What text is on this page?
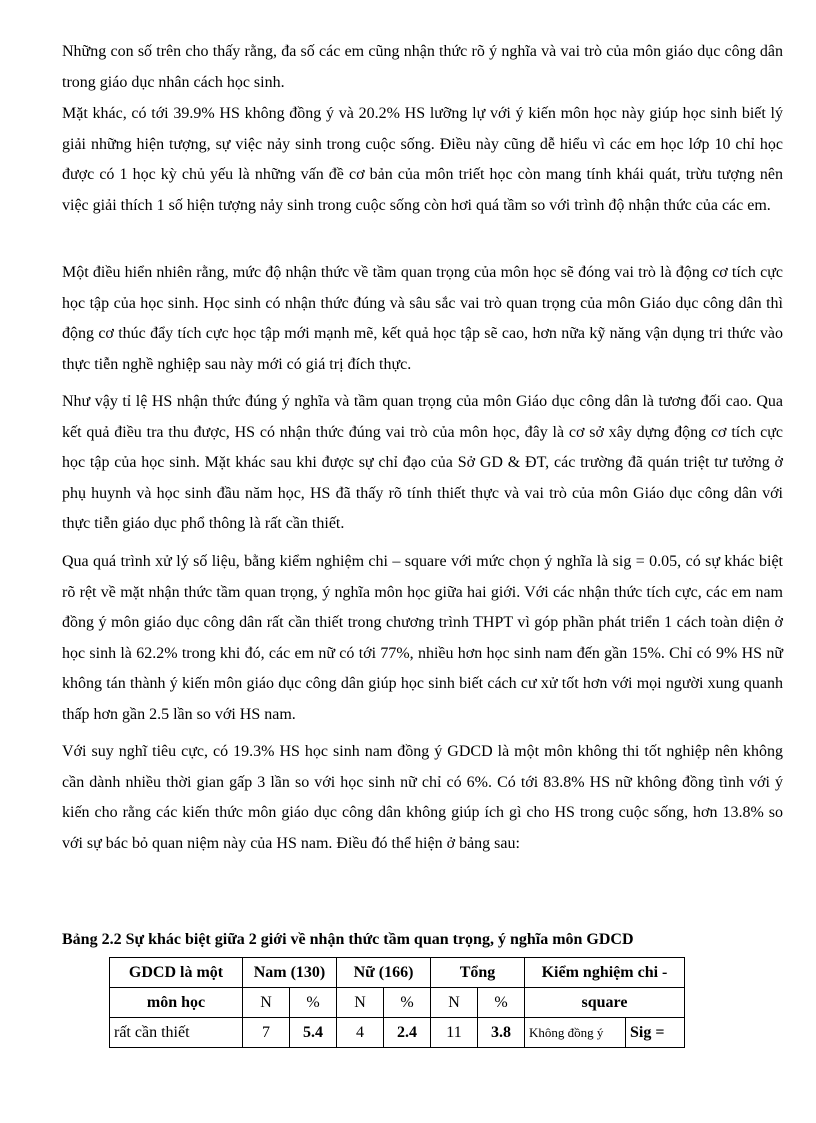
Những con số trên cho thấy rằng, đa số các em cũng nhận thức rõ ý nghĩa và vai trò của môn giáo dục công dân trong giáo dục nhân cách học sinh.

Mặt khác, có tới 39.9% HS không đồng ý và 20.2% HS lưỡng lự với ý kiến môn học này giúp học sinh biết lý giải những hiện tượng, sự việc nảy sinh trong cuộc sống. Điều này cũng dễ hiểu vì các em học lớp 10 chỉ học được có 1 học kỳ chủ yếu là những vấn đề cơ bản của môn triết học còn mang tính khái quát, trừu tượng nên việc giải thích 1 số hiện tượng nảy sinh trong cuộc sống còn hơi quá tầm so với trình độ nhận thức của các em.

Một điều hiển nhiên rằng, mức độ nhận thức về tầm quan trọng của môn học sẽ đóng vai trò là động cơ tích cực học tập của học sinh. Học sinh có nhận thức đúng và sâu sắc vai trò quan trọng của môn Giáo dục công dân thì động cơ thúc đẩy tích cực học tập mới mạnh mẽ, kết quả học tập sẽ cao, hơn nữa kỹ năng vận dụng tri thức vào thực tiễn nghề nghiệp sau này mới có giá trị đích thực.

Như vậy tỉ lệ HS nhận thức đúng ý nghĩa và tầm quan trọng của môn Giáo dục công dân là tương đối cao. Qua kết quả điều tra thu được, HS có nhận thức đúng vai trò của môn học, đây là cơ sở xây dựng động cơ tích cực học tập của học sinh. Mặt khác sau khi được sự chỉ đạo của Sở GD & ĐT, các trường đã quán triệt tư tưởng ở phụ huynh và học sinh đầu năm học, HS đã thấy rõ tính thiết thực và vai trò của môn Giáo dục công dân với thực tiễn giáo dục phổ thông là rất cần thiết.

Qua quá trình xử lý số liệu, bằng kiểm nghiệm chi – square với mức chọn ý nghĩa là sig = 0.05, có sự khác biệt rõ rệt về mặt nhận thức tầm quan trọng, ý nghĩa môn học giữa hai giới. Với các nhận thức tích cực, các em nam đồng ý môn giáo dục công dân rất cần thiết trong chương trình THPT vì góp phần phát triển 1 cách toàn diện ở học sinh là 62.2% trong khi đó, các em nữ có tới 77%, nhiều hơn học sinh nam đến gần 15%. Chỉ có 9% HS nữ không tán thành ý kiến môn giáo dục công dân giúp học sinh biết cách cư xử tốt hơn với mọi người xung quanh thấp hơn gần 2.5 lần so với HS nam.

Với suy nghĩ tiêu cực, có 19.3% HS học sinh nam đồng ý GDCD là một môn không thi tốt nghiệp nên không cần dành nhiều thời gian gấp 3 lần so với học sinh nữ chỉ có 6%. Có tới 83.8% HS nữ không đồng tình với ý kiến cho rằng các kiến thức môn giáo dục công dân không giúp ích gì cho HS trong cuộc sống, hơn 13.8% so với sự bác bỏ quan niệm này của HS nam. Điều đó thể hiện ở bảng sau:

Bảng 2.2 Sự khác biệt giữa 2 giới về nhận thức tầm quan trọng, ý nghĩa môn GDCD
GDCD là một	Nam (130)		Nữ (166)		Tổng		Kiểm nghiệm chi -	
môn học	N	%	N	%	N	%	square	
rất cần thiết	7	5.4	4	2.4	11	3.8	Không đồng ý	Sig =
